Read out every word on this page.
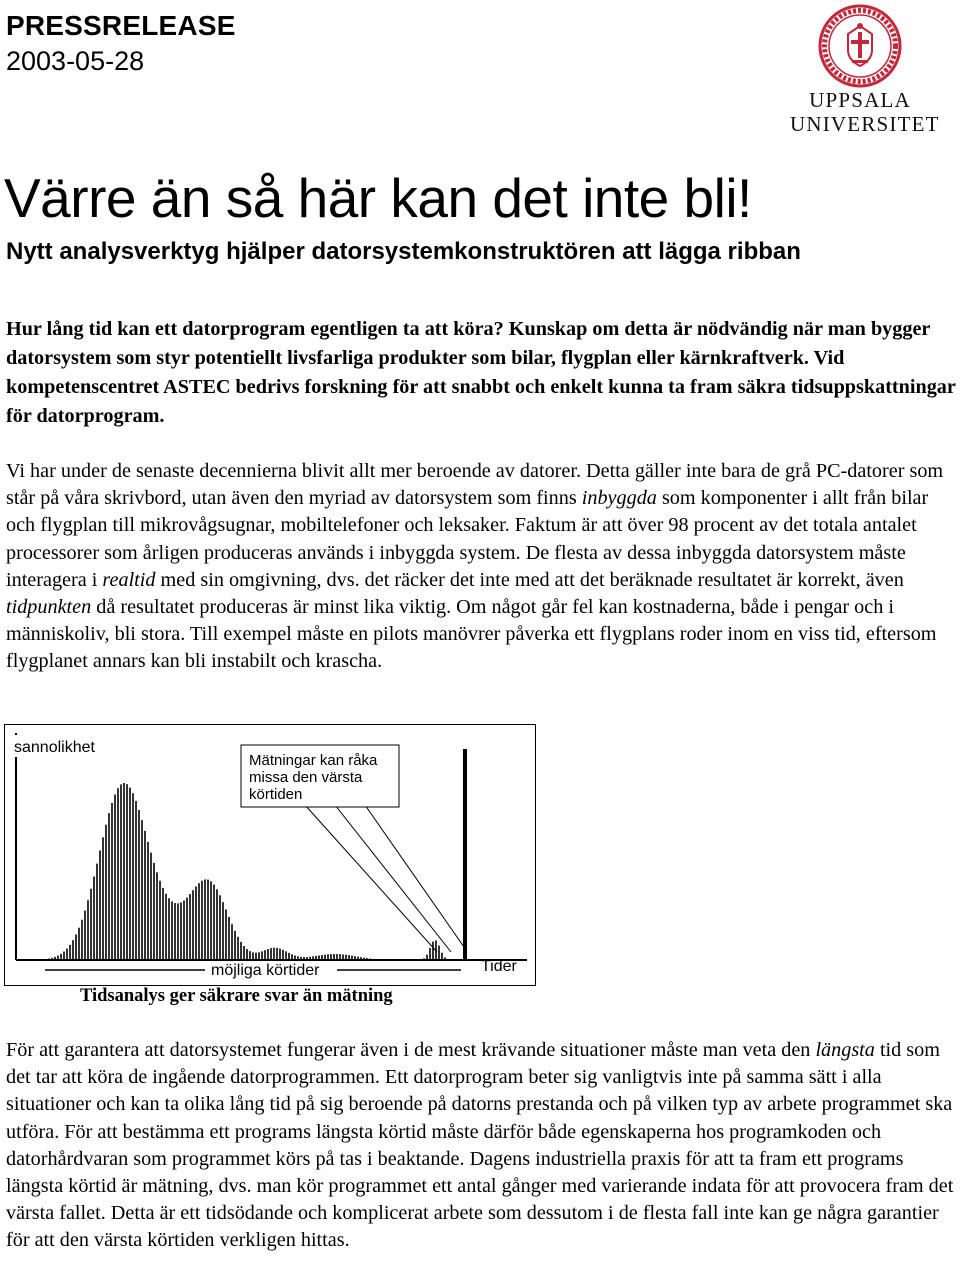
PRESSRELEASE
2003-05-28
UPPSALA
UNIVERSITET
Värre än så här kan det inte bli!
Nytt analysverktyg hjälper datorsystemkonstruktören att lägga ribban
Hur lång tid kan ett datorprogram egentligen ta att köra? Kunskap om detta är nödvändig när man bygger datorsystem som styr potentiellt livsfarliga produkter som bilar, flygplan eller kärnkraftverk. Vid kompetenscentret ASTEC bedrivs forskning för att snabbt och enkelt kunna ta fram säkra tidsuppskattningar för datorprogram.
Vi har under de senaste decennierna blivit allt mer beroende av datorer. Detta gäller inte bara de grå PC-datorer som står på våra skrivbord, utan även den myriad av datorsystem som finns inbyggda som komponenter i allt från bilar och flygplan till mikrovågsugnar, mobiltelefoner och leksaker. Faktum är att över 98 procent av det totala antalet processorer som årligen produceras används i inbyggda system. De flesta av dessa inbyggda datorsystem måste interagera i realtid med sin omgivning, dvs. det räcker det inte med att det beräknade resultatet är korrekt, även tidpunkten då resultatet produceras är minst lika viktig. Om något går fel kan kostnaderna, både i pengar och i människoliv, bli stora. Till exempel måste en pilots manövrer påverka ett flygplans roder inom en viss tid, eftersom flygplanet annars kan bli instabilt och krascha.
Mätningar kan råka
missa den värsta
körtiden
sannolikhet
möjliga körtider	Tider
Tidsanalys ger säkrare svar än mätning
För att garantera att datorsystemet fungerar även i de mest krävande situationer måste man veta den längsta tid som det tar att köra de ingående datorprogrammen. Ett datorprogram beter sig vanligtvis inte på samma sätt i alla situationer och kan ta olika lång tid på sig beroende på datorns prestanda och på vilken typ av arbete programmet ska utföra. För att bestämma ett programs längsta körtid måste därför både egenskaperna hos programkoden och datorhårdvaran som programmet körs på tas i beaktande. Dagens industriella praxis för att ta fram ett programs längsta körtid är mätning, dvs. man kör programmet ett antal gånger med varierande indata för att provocera fram det värsta fallet. Detta är ett tidsödande och komplicerat arbete som dessutom i de flesta fall inte kan ge några garantier för att den värsta körtiden verkligen hittas.
